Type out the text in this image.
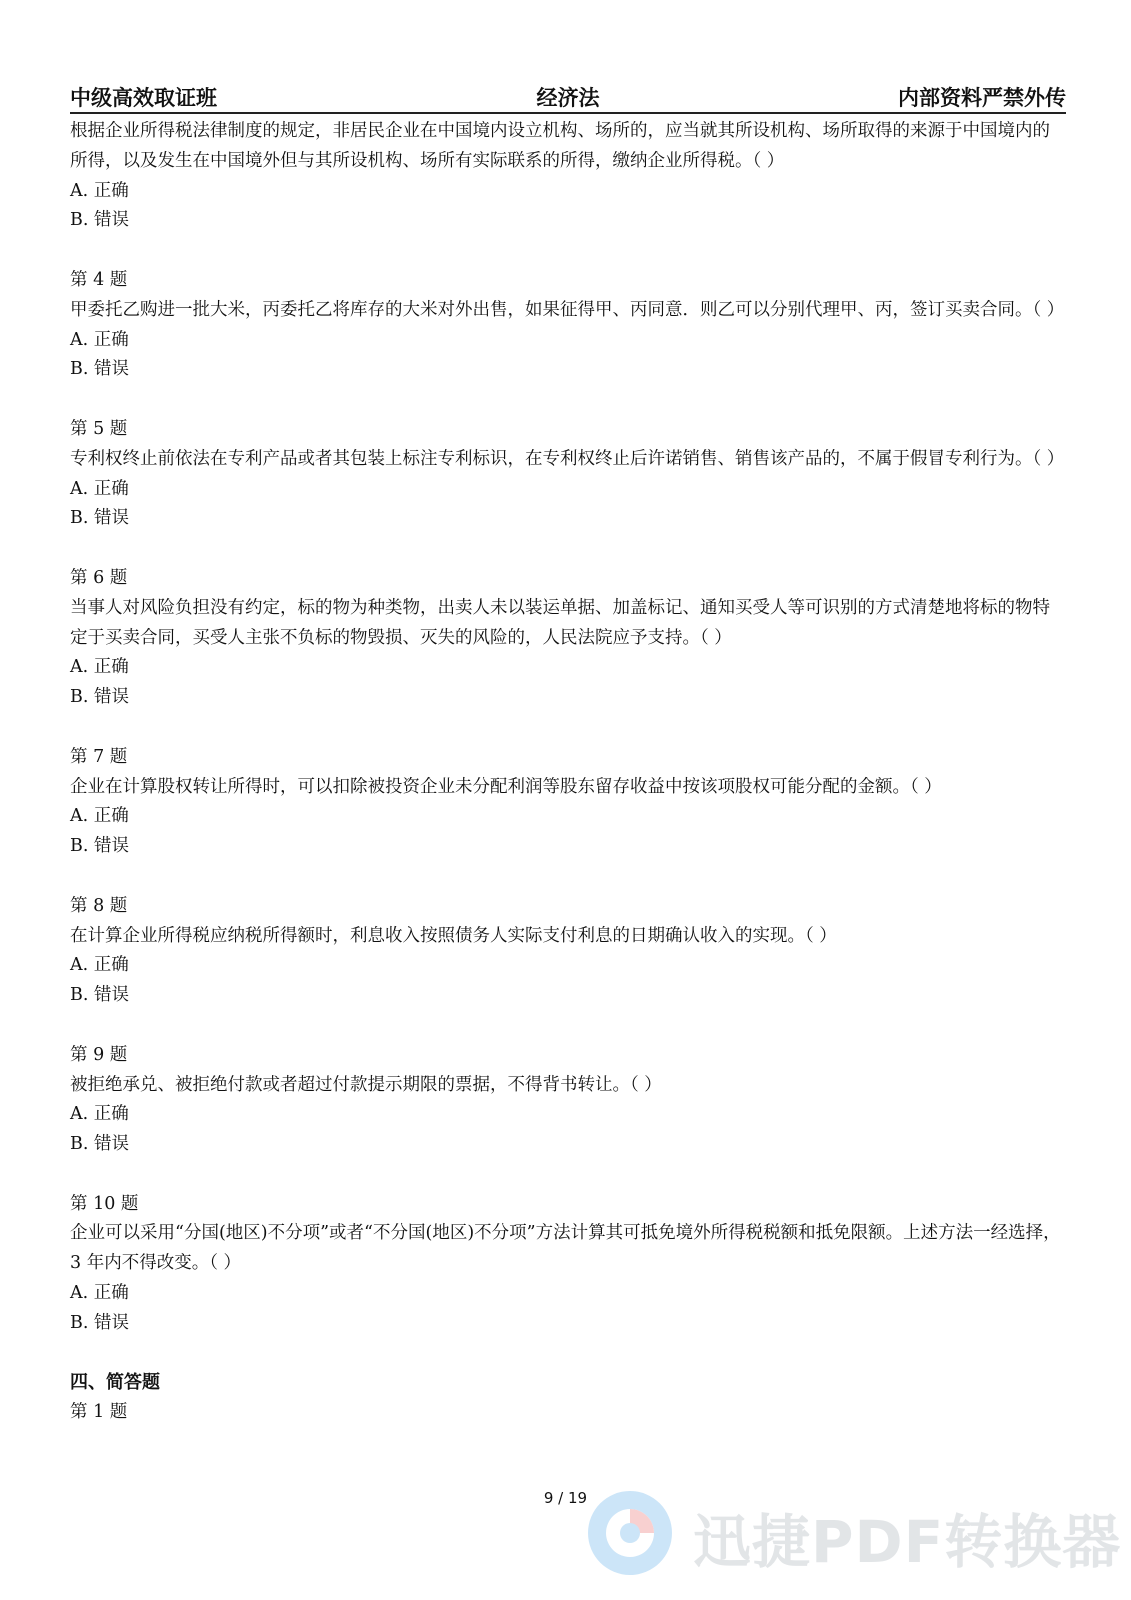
中级高效取证班	经济法	内部资料严禁外传

根据企业所得税法律制度的规定，非居民企业在中国境内设立机构、场所的，应当就其所设机构、场所取得的来源于中国境内的所得，以及发生在中国境外但与其所设机构、场所有实际联系的所得，缴纳企业所得税。（ ）

A. 正确

B. 错误

第 4 题

甲委托乙购进一批大米，丙委托乙将库存的大米对外出售，如果征得甲、丙同意．则乙可以分别代理甲、丙，签订买卖合同。（ ）

A. 正确

B. 错误

第 5 题

专利权终止前依法在专利产品或者其包装上标注专利标识，在专利权终止后许诺销售、销售该产品的，不属于假冒专利行为。（ ）

A. 正确

B. 错误

第 6 题

当事人对风险负担没有约定，标的物为种类物，出卖人未以装运单据、加盖标记、通知买受人等可识别的方式清楚地将标的物特定于买卖合同，买受人主张不负标的物毁损、灭失的风险的，人民法院应予支持。（ ）

A. 正确

B. 错误

第 7 题

企业在计算股权转让所得时，可以扣除被投资企业未分配利润等股东留存收益中按该项股权可能分配的金额。（ ）

A. 正确

B. 错误

第 8 题

在计算企业所得税应纳税所得额时，利息收入按照债务人实际支付利息的日期确认收入的实现。（ ）

A. 正确

B. 错误

第 9 题

被拒绝承兑、被拒绝付款或者超过付款提示期限的票据，不得背书转让。（ ）

A. 正确

B. 错误

第 10 题

企业可以采用“分国(地区)不分项”或者“不分国(地区)不分项”方法计算其可抵免境外所得税税额和抵免限额。上述方法一经选择，3 年内不得改变。（ ）

A. 正确

B. 错误

四、简答题
第 1 题
9 / 19
迅捷PDF转换器
